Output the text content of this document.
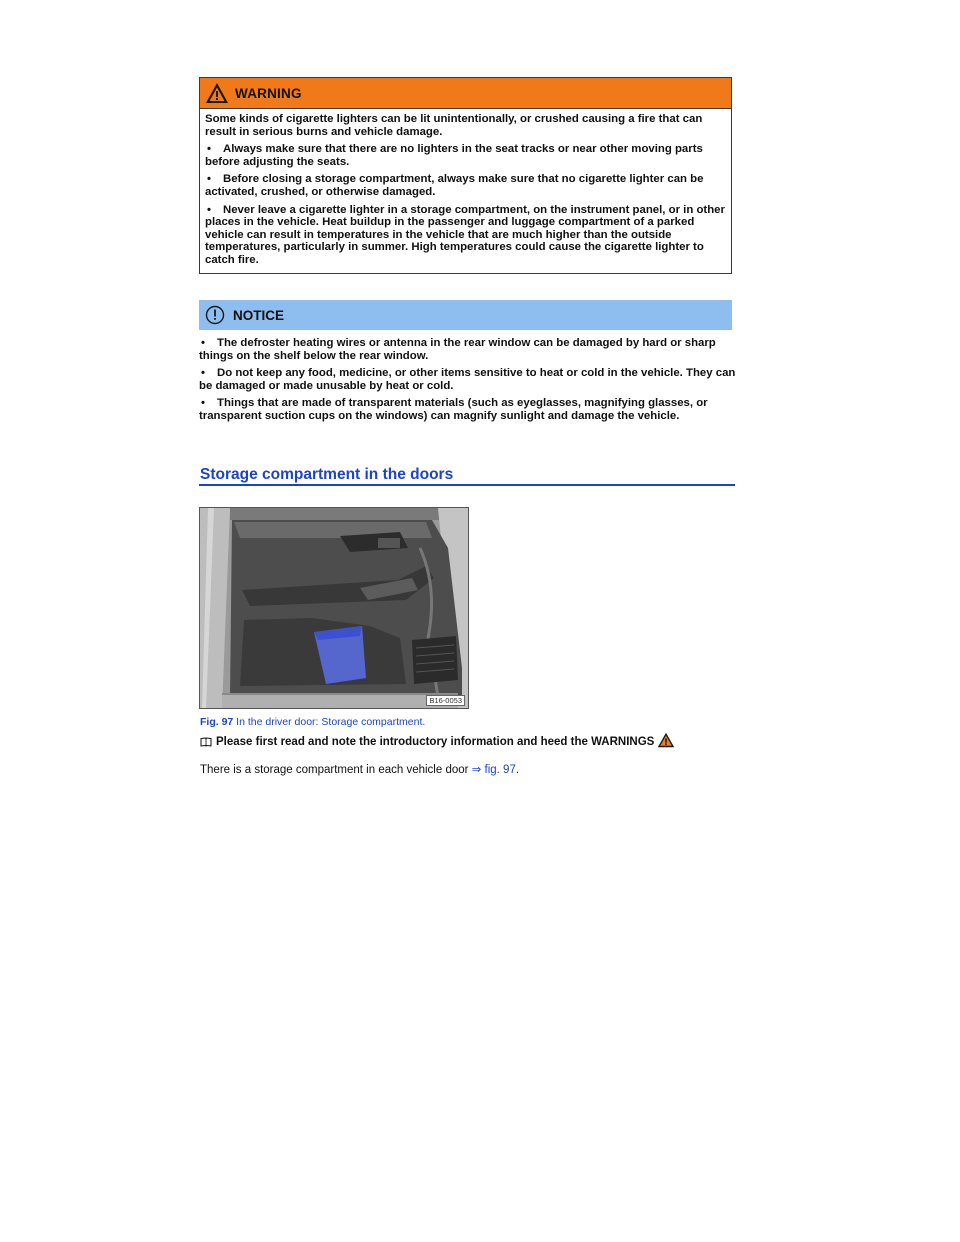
WARNING

Some kinds of cigarette lighters can be lit unintentionally, or crushed causing a fire that can result in serious burns and vehicle damage.

• Always make sure that there are no lighters in the seat tracks or near other moving parts before adjusting the seats.

• Before closing a storage compartment, always make sure that no cigarette lighter can be activated, crushed, or otherwise damaged.

• Never leave a cigarette lighter in a storage compartment, on the instrument panel, or in other places in the vehicle. Heat buildup in the passenger and luggage compartment of a parked vehicle can result in temperatures in the vehicle that are much higher than the outside temperatures, particularly in summer. High temperatures could cause the cigarette lighter to catch fire.

NOTICE

• The defroster heating wires or antenna in the rear window can be damaged by hard or sharp things on the shelf below the rear window.

• Do not keep any food, medicine, or other items sensitive to heat or cold in the vehicle. They can be damaged or made unusable by heat or cold.

• Things that are made of transparent materials (such as eyeglasses, magnifying glasses, or transparent suction cups on the windows) can magnify sunlight and damage the vehicle.

Storage compartment in the doors
B16-0053
Fig. 97 In the driver door: Storage compartment.
Please first read and note the introductory information and heed the WARNINGS
There is a storage compartment in each vehicle door ⇒ fig. 97.
